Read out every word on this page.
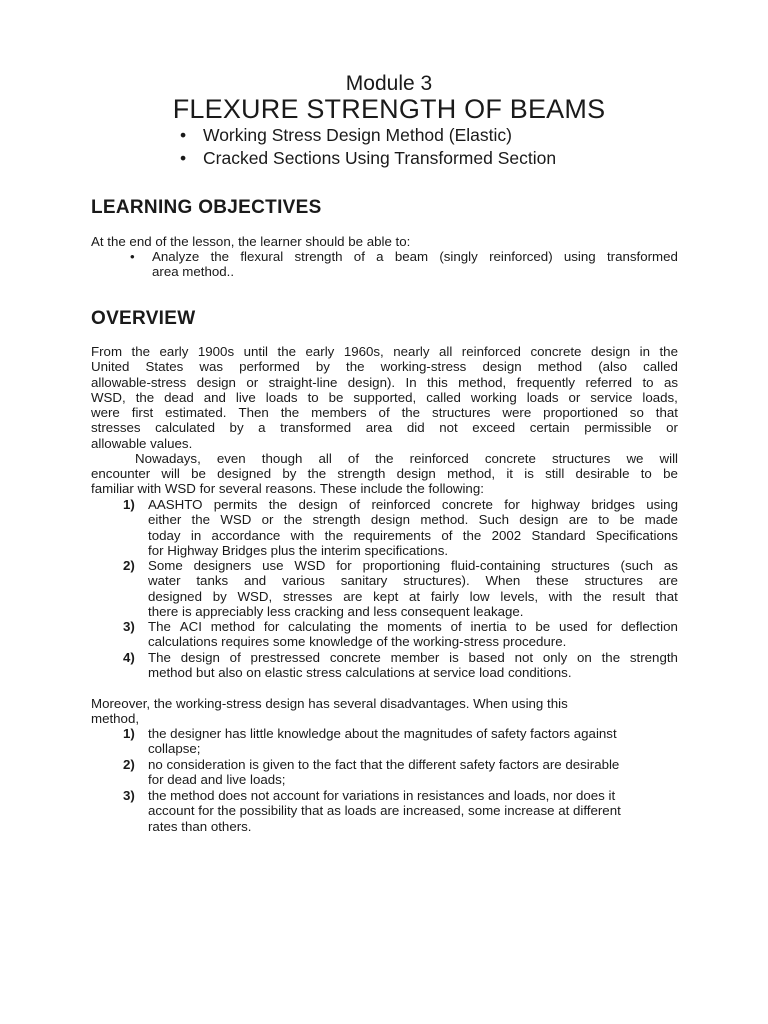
Module 3
FLEXURE STRENGTH OF BEAMS
• Working Stress Design Method (Elastic)
• Cracked Sections Using Transformed Section
LEARNING OBJECTIVES
At the end of the lesson, the learner should be able to:
• Analyze the flexural strength of a beam (singly reinforced) using transformed
area method..
OVERVIEW
From the early 1900s until the early 1960s, nearly all reinforced concrete design in the
United States was performed by the working-stress design method (also called
allowable-stress design or straight-line design). In this method, frequently referred to as
WSD, the dead and live loads to be supported, called working loads or service loads,
were first estimated. Then the members of the structures were proportioned so that
stresses calculated by a transformed area did not exceed certain permissible or
allowable values.
Nowadays, even though all of the reinforced concrete structures we will
encounter will be designed by the strength design method, it is still desirable to be
familiar with WSD for several reasons. These include the following:
1) AASHTO permits the design of reinforced concrete for highway bridges using
either the WSD or the strength design method. Such design are to be made
today in accordance with the requirements of the 2002 Standard Specifications
for Highway Bridges plus the interim specifications.
2) Some designers use WSD for proportioning fluid-containing structures (such as
water tanks and various sanitary structures). When these structures are
designed by WSD, stresses are kept at fairly low levels, with the result that
there is appreciably less cracking and less consequent leakage.
3) The ACI method for calculating the moments of inertia to be used for deflection
calculations requires some knowledge of the working-stress procedure.
4) The design of prestressed concrete member is based not only on the strength
method but also on elastic stress calculations at service load conditions.
Moreover, the working-stress design has several disadvantages. When using this
method,
1) the designer has little knowledge about the magnitudes of safety factors against
collapse;
2) no consideration is given to the fact that the different safety factors are desirable
for dead and live loads;
3) the method does not account for variations in resistances and loads, nor does it
account for the possibility that as loads are increased, some increase at different
rates than others.
